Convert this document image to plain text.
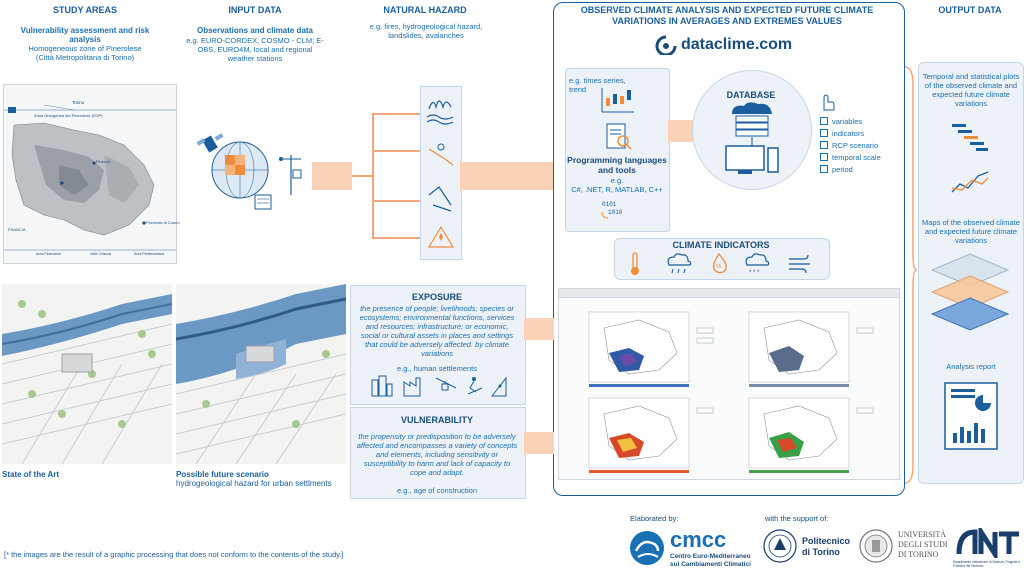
STUDY AREAS	INPUT DATA	NATURAL HAZARD	OBSERVED CLIMATE ANALYSIS AND EXPECTED FUTURE CLIMATE VARIATIONS IN AVERAGES AND EXTREMES VALUES
OUTPUT DATA
Vulnerability assessment and risk analysis
Homogeneous zone of Pinerolese (Città Metropolitana di Torino)
Torino
Zona Omogenea del Pinerolese (ZOP)
Pinerolo
FRANCIA
Provincia di Cuneo
Area Pinerolese	Valle Chisone	Area Pedemontana
Observations and climate data
e.g. EURO-CORDEX, COSMO - CLM; E-OBS, EURO4M, local and regional weather stations
e.g. fires, hydrogeological hazard, landslides, avalanches
dataclime.com
e.g. times series, trend
Programming languages and tools
e.g.
C#, .NET, R, MATLAB, C++
0101
1010
DATABASE
variables
indicators
RCP scenario
temporal scale
period
CLIMATE INDICATORS
%
* * *
Temporal and statistical plots of the observed climate and expected future climate variations
Maps of the observed climate and expected future climate variations
Analysis report
State of the Art	Possible future scenario
hydrogeological hazard for urban settlments
EXPOSURE
the presence of people; livelihoods; species or ecosystems; environmental functions, services and resources; infrastructure; or economic, social or cultural assets in places and settings that could be adversely affected. by climate variations
e.g., human settlements
VULNERABILITY
the propensity or predisposition to be adversely affected and encompasses a variety of concepts and elements, including sensitivity or susceptibility to harm and lack of capacity to cope and adapt.
e.g., age of construction
[* the images are the result of a graphic processing that does not conform to the contents of the study.]
Elaborated by:	with the support of:
cmcc
Centro Euro-Mediterraneo
sui Cambiamenti Climatici
Politecnico
di Torino
UNIVERSITÀ
DEGLI STUDI
DI TORINO
Dipartimento Interateneo di Scienze, Progetto e Politiche del Territorio
